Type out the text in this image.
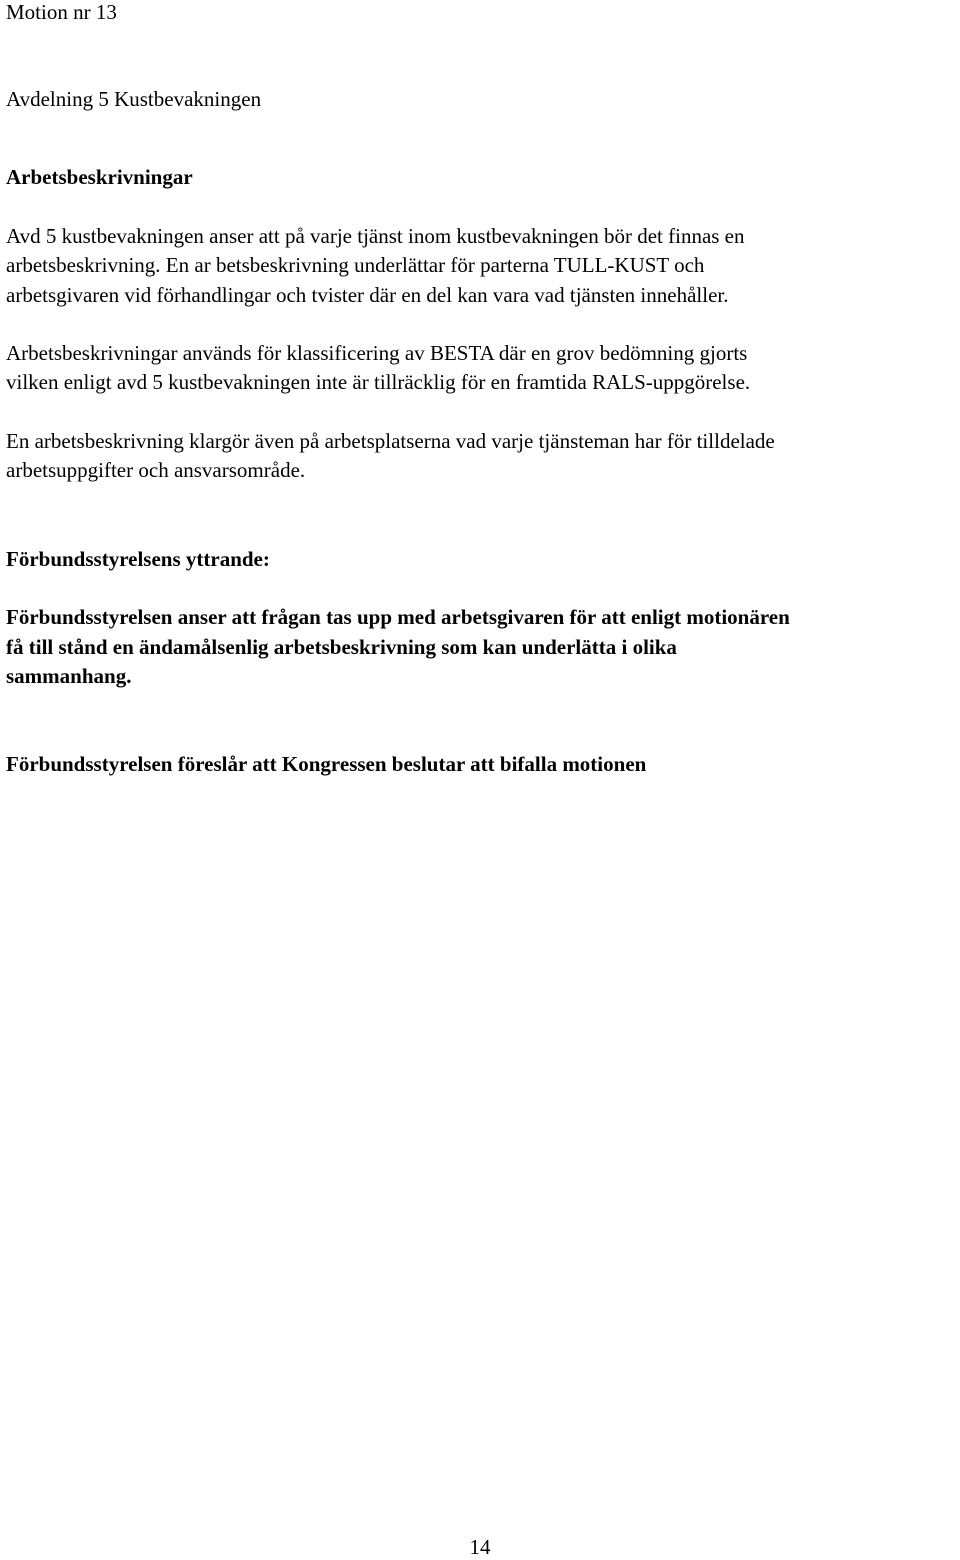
Motion nr 13

Avdelning 5 Kustbevakningen

Arbetsbeskrivningar

Avd 5 kustbevakningen anser att på varje tjänst inom kustbevakningen bör det finnas en

arbetsbeskrivning. En ar betsbeskrivning underlättar för parterna TULL-KUST och

arbetsgivaren vid förhandlingar och tvister där en del kan vara vad tjänsten innehåller.

Arbetsbeskrivningar används för klassificering av BESTA där en grov bedömning gjorts

vilken enligt avd 5 kustbevakningen inte är tillräcklig för en framtida RALS-uppgörelse.

En arbetsbeskrivning klargör även på arbetsplatserna vad varje tjänsteman har för tilldelade

arbetsuppgifter och ansvarsområde.

Förbundsstyrelsens yttrande:

Förbundsstyrelsen anser att frågan tas upp med arbetsgivaren för att enligt motionären

få till stånd en ändamålsenlig arbetsbeskrivning som kan underlätta i olika

sammanhang.

Förbundsstyrelsen föreslår att Kongressen beslutar att bifalla motionen

14
